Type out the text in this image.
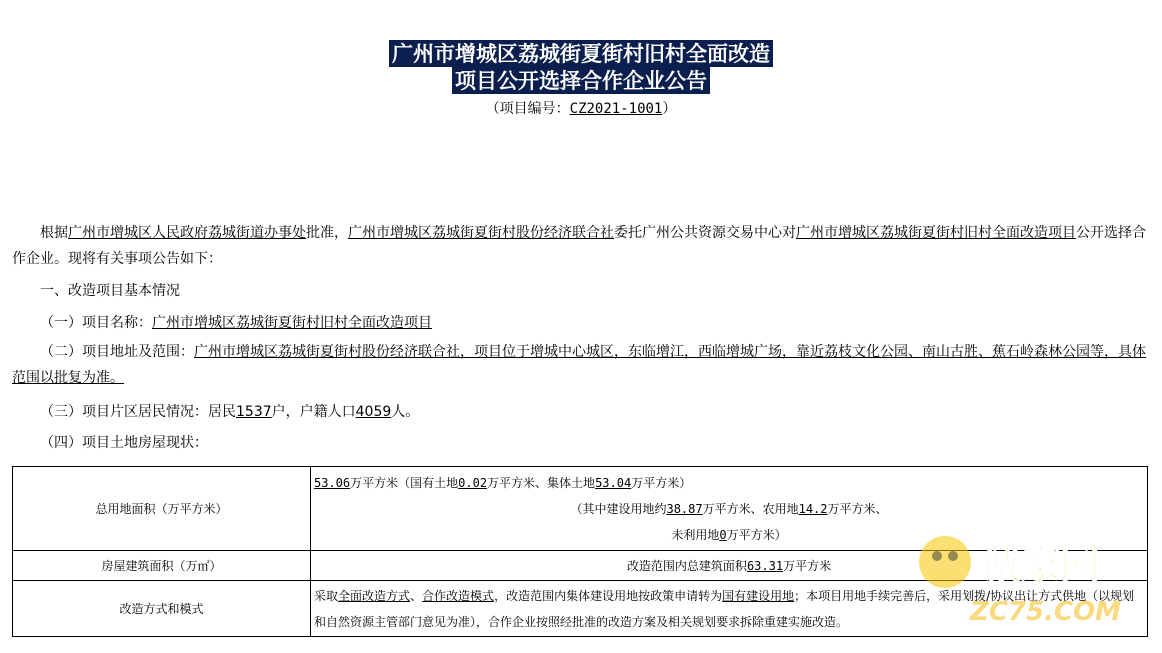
广州市增城区荔城街夏街村旧村全面改造
项目公开选择合作企业公告
（项目编号：CZ2021-1001）
根据广州市增城区人民政府荔城街道办事处批准，广州市增城区荔城街夏街村股份经济联合社委托广州公共资源交易中心对广州市增城区荔城街夏街村旧村全面改造项目公开选择合作企业。现将有关事项公告如下：
一、改造项目基本情况
（一）项目名称：广州市增城区荔城街夏街村旧村全面改造项目
（二）项目地址及范围：广州市增城区荔城街夏街村股份经济联合社，项目位于增城中心城区，东临增江，西临增城广场，靠近荔枝文化公园、南山古胜、蕉石岭森林公园等，具体范围以批复为准。
（三）项目片区居民情况：居民1537户，户籍人口4059人。
（四）项目土地房屋现状：
总用地面积（万平方米）	53.06万平方米（国有土地0.02万平方米、集体土地53.04万平方米）
（其中建设用地约38.87万平方米、农用地14.2万平方米、
未利用地0万平方米）

房屋建筑面积（万㎡）	改造范围内总建筑面积63.31万平方米
改造方式和模式	采取全面改造方式、合作改造模式，改造范围内集体建设用地按政策申请转为国有建设用地；本项目用地手续完善后，采用划拨/协议出让方式供地（以规划和自然资源主管部门意见为准），合作企业按照经批准的改造方案及相关规划要求拆除重建实施改造。
诚家园
ZC75.COM
